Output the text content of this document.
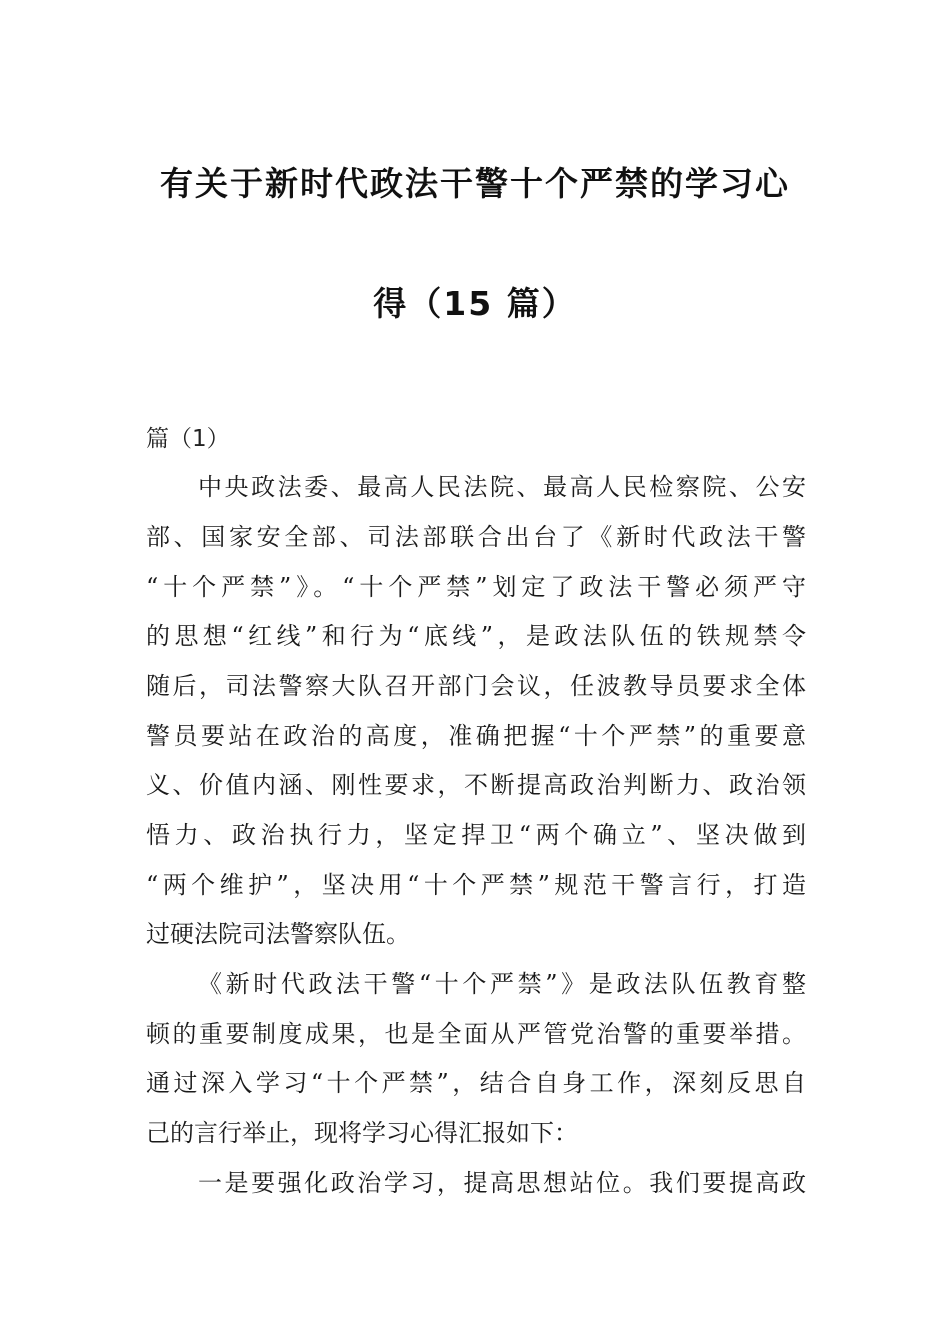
有关于新时代政法干警十个严禁的学习心
得（15 篇）
篇（1）
中央政法委、最高人民法院、最高人民检察院、公安
部、国家安全部、司法部联合出台了《新时代政法干警
“十个严禁”》。“十个严禁”划定了政法干警必须严守
的思想“红线”和行为“底线”，是政法队伍的铁规禁令
随后，司法警察大队召开部门会议，任波教导员要求全体
警员要站在政治的高度，准确把握“十个严禁”的重要意
义、价值内涵、刚性要求，不断提高政治判断力、政治领
悟力、政治执行力，坚定捍卫“两个确立”、坚决做到
“两个维护”，坚决用“十个严禁”规范干警言行，打造
过硬法院司法警察队伍。
《新时代政法干警“十个严禁”》是政法队伍教育整
顿的重要制度成果，也是全面从严管党治警的重要举措。
通过深入学习“十个严禁”，结合自身工作，深刻反思自
己的言行举止，现将学习心得汇报如下：
一是要强化政治学习，提高思想站位。我们要提高政
